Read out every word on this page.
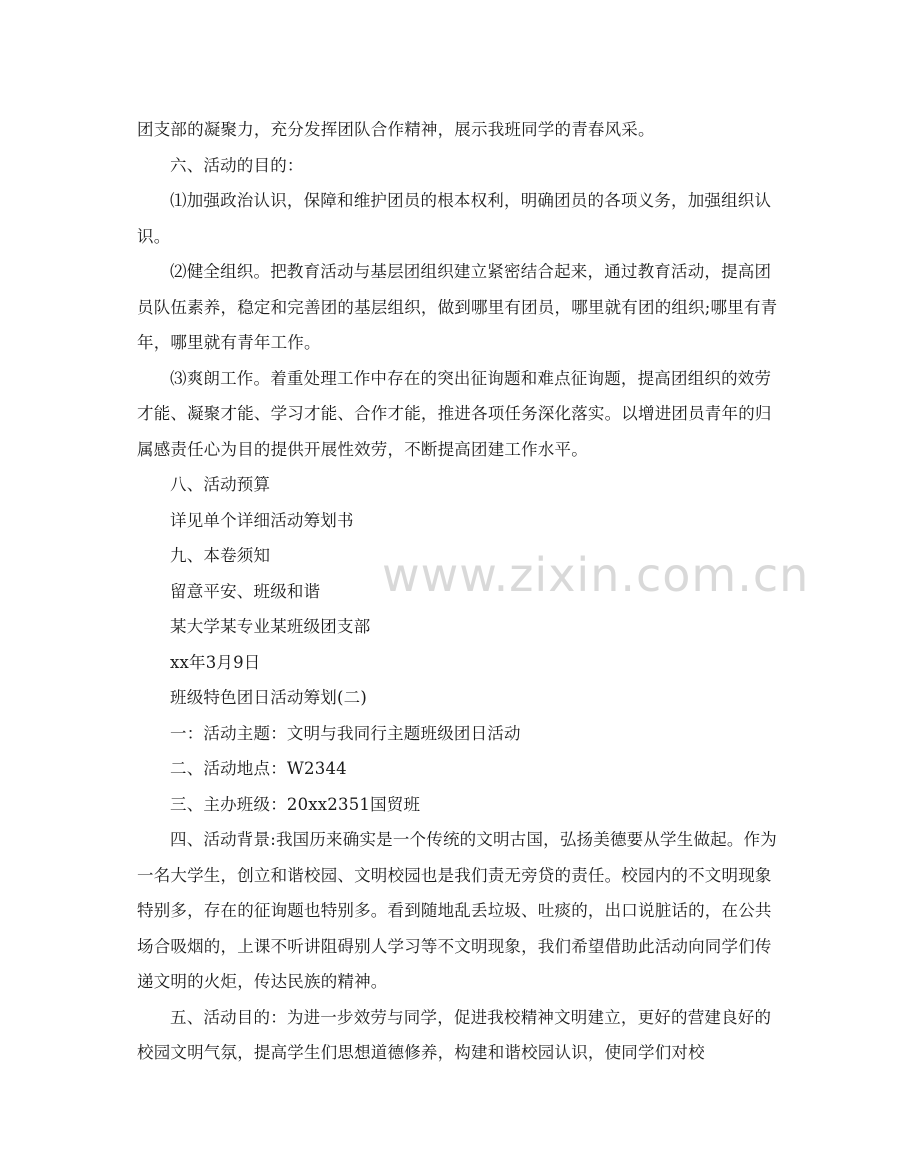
团支部的凝聚力，充分发挥团队合作精神，展示我班同学的青春风采。

六、活动的目的：

⑴加强政治认识，保障和维护团员的根本权利，明确团员的各项义务，加强组织认识。

⑵健全组织。把教育活动与基层团组织建立紧密结合起来，通过教育活动，提高团员队伍素养，稳定和完善团的基层组织，做到哪里有团员，哪里就有团的组织;哪里有青年，哪里就有青年工作。

⑶爽朗工作。着重处理工作中存在的突出征询题和难点征询题，提高团组织的效劳才能、凝聚才能、学习才能、合作才能，推进各项任务深化落实。以增进团员青年的归属感责任心为目的提供开展性效劳，不断提高团建工作水平。

八、活动预算

详见单个详细活动筹划书

九、本卷须知

留意平安、班级和谐

某大学某专业某班级团支部

xx年3月9日

班级特色团日活动筹划(二)

一：活动主题：文明与我同行主题班级团日活动

二、活动地点：W2344

三、主办班级：20xx2351国贸班

四、活动背景:我国历来确实是一个传统的文明古国，弘扬美德要从学生做起。作为一名大学生，创立和谐校园、文明校园也是我们责无旁贷的责任。校园内的不文明现象特别多，存在的征询题也特别多。看到随地乱丢垃圾、吐痰的，出口说脏话的，在公共场合吸烟的，上课不听讲阻碍别人学习等不文明现象，我们希望借助此活动向同学们传递文明的火炬，传达民族的精神。

五、活动目的：为进一步效劳与同学，促进我校精神文明建立，更好的营建良好的校园文明气氛，提高学生们思想道德修养，构建和谐校园认识，使同学们对校

www.zixin.com.cn
